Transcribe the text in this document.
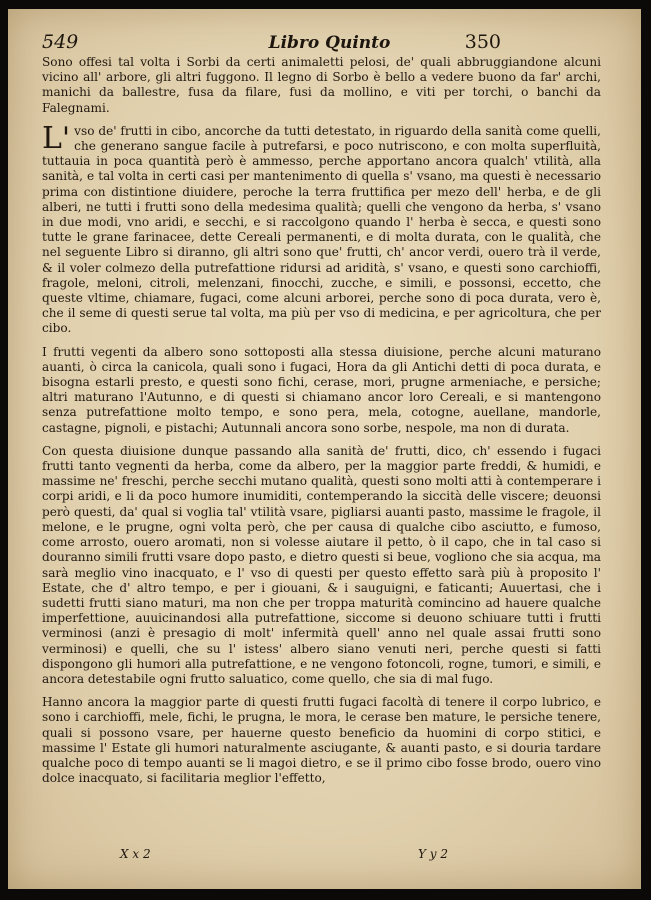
549	Libro Quinto	350

Sono offesi tal volta i Sorbi da certi animaletti pelosi, de' quali abbruggiandone alcuni vicino all' arbore, gli altri fuggono. Il legno di Sorbo è bello a vedere buono da far' archi, manichi da ballestre, fusa da filare, fusi da mollino, e viti per torchi, o banchi da Falegnami.

L'vso de' frutti in cibo, ancorche da tutti detestato, in riguardo della sanità come quelli, che generano sangue facile à putrefarsi, e poco nutriscono, e con molta superfluità, tuttauia in poca quantità però è ammesso, perche apportano ancora qualch' vtilità, alla sanità, e tal volta in certi casi per mantenimento di quella s' vsano, ma questi è necessario prima con distintione diuidere, peroche la terra fruttifica per mezo dell' herba, e de gli alberi, ne tutti i frutti sono della medesima qualità; quelli che vengono da herba, s' vsano in due modi, vno aridi, e secchi, e si raccolgono quando l' herba è secca, e questi sono tutte le grane farinacee, dette Cereali permanenti, e di molta durata, con le qualità, che nel seguente Libro si diranno, gli altri sono que' frutti, ch' ancor verdi, ouero trà il verde, & il voler colmezo della putrefattione ridursi ad aridità, s' vsano, e questi sono carchioffi, fragole, meloni, citroli, melenzani, finocchi, zucche, e simili, e possonsi, eccetto, che queste vltime, chiamare, fugaci, come alcuni arborei, perche sono di poca durata, vero è, che il seme di questi serue tal volta, ma più per vso di medicina, e per agricoltura, che per cibo.

I frutti vegenti da albero sono sottoposti alla stessa diuisione, perche alcuni maturano auanti, ò circa la canicola, quali sono i fugaci, Hora da gli Antichi detti di poca durata, e bisogna estarli presto, e questi sono fichi, cerase, mori, prugne armeniache, e persiche; altri maturano l'Autunno, e di questi si chiamano ancor loro Cereali, e si mantengono senza putrefattione molto tempo, e sono pera, mela, cotogne, auellane, mandorle, castagne, pignoli, e pistachi; Autunnali ancora sono sorbe, nespole, ma non di durata.

Con questa diuisione dunque passando alla sanità de' frutti, dico, ch' essendo i fugaci frutti tanto vegnenti da herba, come da albero, per la maggior parte freddi, & humidi, e massime ne' freschi, perche secchi mutano qualità, questi sono molti atti à contemperare i corpi aridi, e li da poco humore inumiditi, contemperando la siccità delle viscere; deuonsi però questi, da' qual si voglia tal' vtilità vsare, pigliarsi auanti pasto, massime le fragole, il melone, e le prugne, ogni volta però, che per causa di qualche cibo asciutto, e fumoso, come arrosto, ouero aromati, non si volesse aiutare il petto, ò il capo, che in tal caso si douranno simili frutti vsare dopo pasto, e dietro questi si beue, vogliono che sia acqua, ma sarà meglio vino inacquato, e l' vso di questi per questo effetto sarà più à proposito l' Estate, che d' altro tempo, e per i giouani, & i sauguigni, e faticanti; Auuertasi, che i sudetti frutti siano maturi, ma non che per troppa maturità comincino ad hauere qualche imperfettione, auuicinandosi alla putrefattione, siccome si deuono schiuare tutti i frutti verminosi (anzi è presagio di molt' infermità quell' anno nel quale assai frutti sono verminosi) e quelli, che su l' istess' albero siano venuti neri, perche questi si fatti dispongono gli humori alla putrefattione, e ne vengono fotoncoli, rogne, tumori, e simili, e ancora detestabile ogni frutto saluatico, come quello, che sia di mal fugo.

Hanno ancora la maggior parte di questi frutti fugaci facoltà di tenere il corpo lubrico, e sono i carchioffi, mele, fichi, le prugna, le mora, le cerase ben mature, le persiche tenere, quali si possono vsare, per hauerne questo beneficio da huomini di corpo stitici, e massime l' Estate gli humori naturalmente asciugante, & auanti pasto, e si douria tardare qualche poco di tempo auanti se li magoi dietro, e se il primo cibo fosse brodo, ouero vino dolce inacquato, si facilitaria meglior l'effetto,

X x 2	Y y 2
